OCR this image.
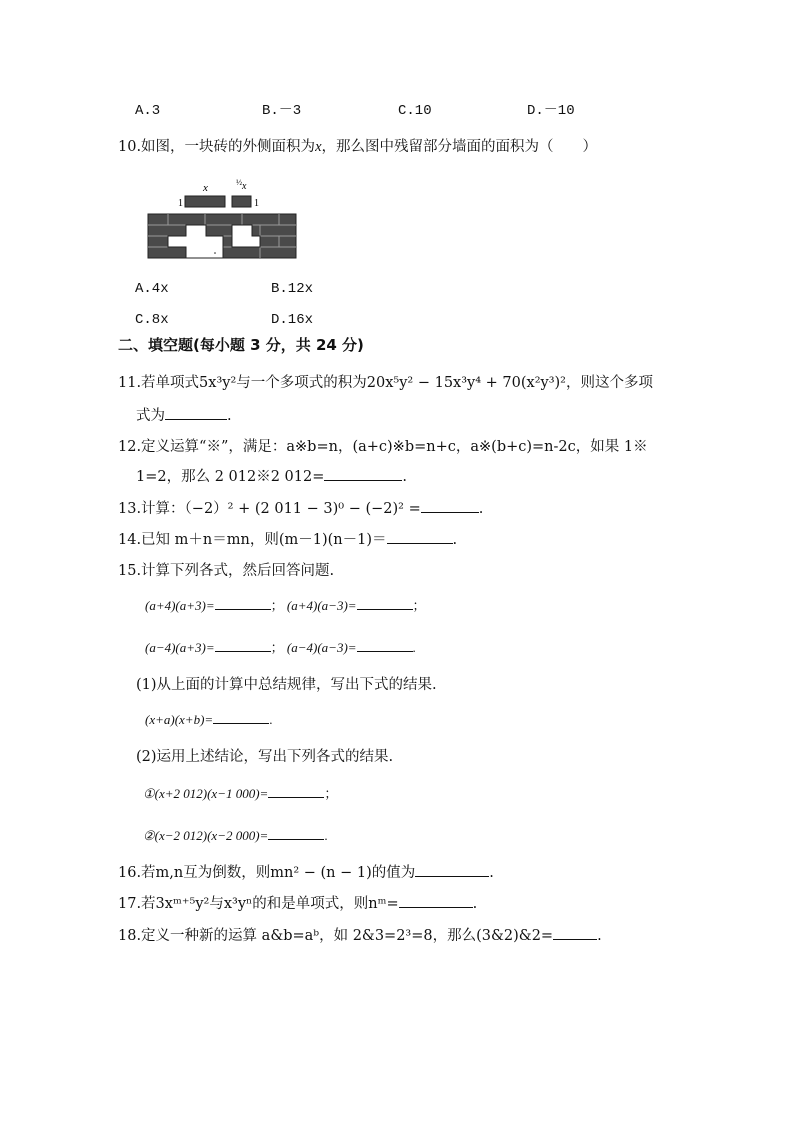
A.3	B.－3	C.10	D.－10
10.如图，一块砖的外侧面积为x，那么图中残留部分墙面的面积为（　　）
x	½ x
1	1
A.4x	B.12x
C.8x	D.16x
二、填空题(每小题 3 分，共 24 分)
11.若单项式5x³y²与一个多项式的积为20x⁵y² − 15x³y⁴ + 70(x²y³)²，则这个多项
式为	.
12.定义运算“※”，满足：a※b=n，(a+c)※b=n+c，a※(b+c)=n-2c，如果 1※
1=2，那么 2 012※2 012=	.
13.计算：（−2）² + (2 011 − 3)⁰ − (−2)² =	.
14.已知 m＋n＝mn，则(m－1)(n－1)＝	.
15.计算下列各式，然后回答问题.
(a+4)(a+3)=	； (a+4)(a−3)=	；
(a−4)(a+3)=	； (a−4)(a−3)=	.
(1)从上面的计算中总结规律，写出下式的结果.
(x+a)(x+b)=	.
(2)运用上述结论，写出下列各式的结果.
①(x+2 012)(x−1 000)=	；
②(x−2 012)(x−2 000)=	.
16.若m,n互为倒数，则mn² − (n − 1)的值为	.
17.若3xᵐ⁺⁵y²与x³yⁿ的和是单项式，则nᵐ=	.
18.定义一种新的运算 a&b=aᵇ，如 2&3=2³=8，那么(3&2)&2=	.
